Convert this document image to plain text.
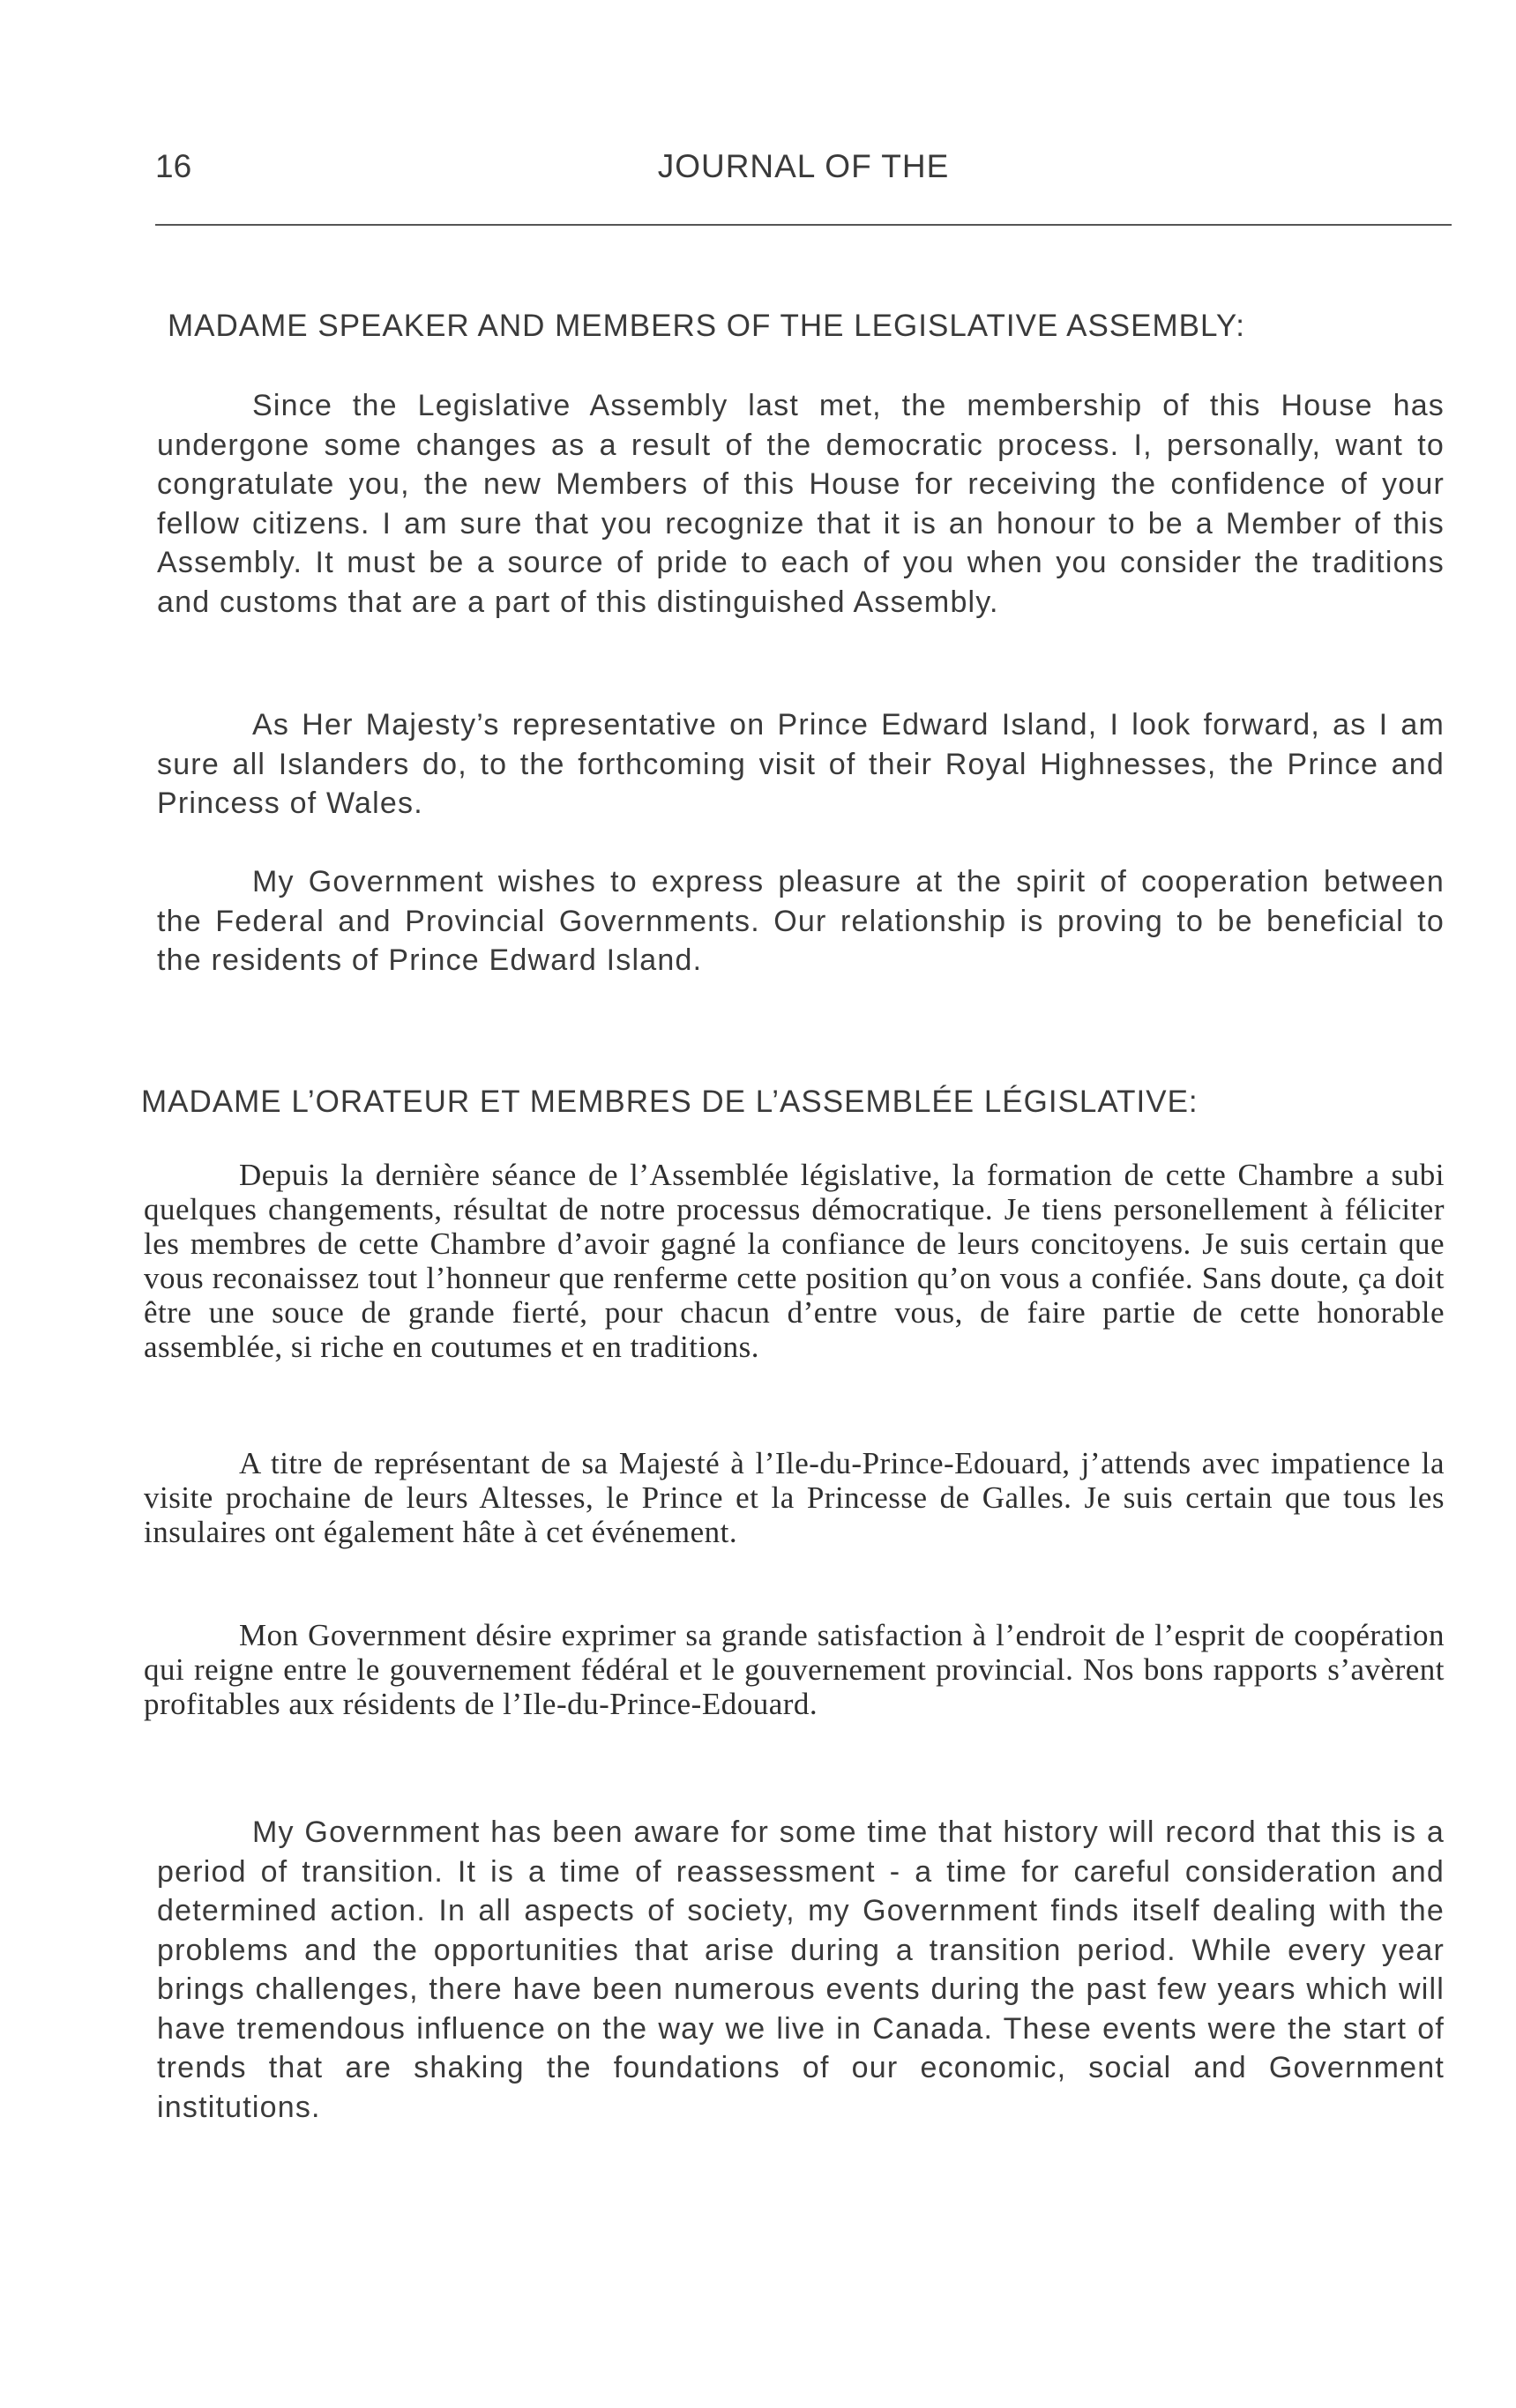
16	JOURNAL OF THE
MADAME SPEAKER AND MEMBERS OF THE LEGISLATIVE ASSEMBLY:

Since the Legislative Assembly last met, the membership of this House has undergone some changes as a result of the democratic process. I, personally, want to congratulate you, the new Members of this House for receiving the confidence of your fellow citizens. I am sure that you recognize that it is an honour to be a Member of this Assembly. It must be a source of pride to each of you when you consider the traditions and customs that are a part of this distinguished Assembly.

As Her Majesty’s representative on Prince Edward Island, I look forward, as I am sure all Islanders do, to the forthcoming visit of their Royal Highnesses, the Prince and Princess of Wales.

My Government wishes to express pleasure at the spirit of cooperation between the Federal and Provincial Governments. Our relationship is proving to be beneficial to the residents of Prince Edward Island.

MADAME L’ORATEUR ET MEMBRES DE L’ASSEMBLÉE LÉGISLATIVE:

Depuis la dernière séance de l’Assemblée législative, la formation de cette Chambre a subi quelques changements, résultat de notre processus démocratique. Je tiens personellement à féliciter les membres de cette Chambre d’avoir gagné la confiance de leurs concitoyens. Je suis certain que vous reconaissez tout l’honneur que renferme cette position qu’on vous a confiée. Sans doute, ça doit être une souce de grande fierté, pour chacun d’entre vous, de faire partie de cette honorable assemblée, si riche en coutumes et en traditions.

A titre de représentant de sa Majesté à l’Ile-du-Prince-Edouard, j’attends avec impatience la visite prochaine de leurs Altesses, le Prince et la Princesse de Galles. Je suis certain que tous les insulaires ont également hâte à cet événement.

Mon Government désire exprimer sa grande satisfaction à l’endroit de l’esprit de coopération qui reigne entre le gouvernement fédéral et le gouvernement provincial. Nos bons rapports s’avèrent profitables aux résidents de l’Ile-du-Prince-Edouard.

My Government has been aware for some time that history will record that this is a period of transition. It is a time of reassessment - a time for careful consideration and determined action. In all aspects of society, my Government finds itself dealing with the problems and the opportunities that arise during a transition period. While every year brings challenges, there have been numerous events during the past few years which will have tremendous influence on the way we live in Canada. These events were the start of trends that are shaking the foundations of our economic, social and Government institutions.
